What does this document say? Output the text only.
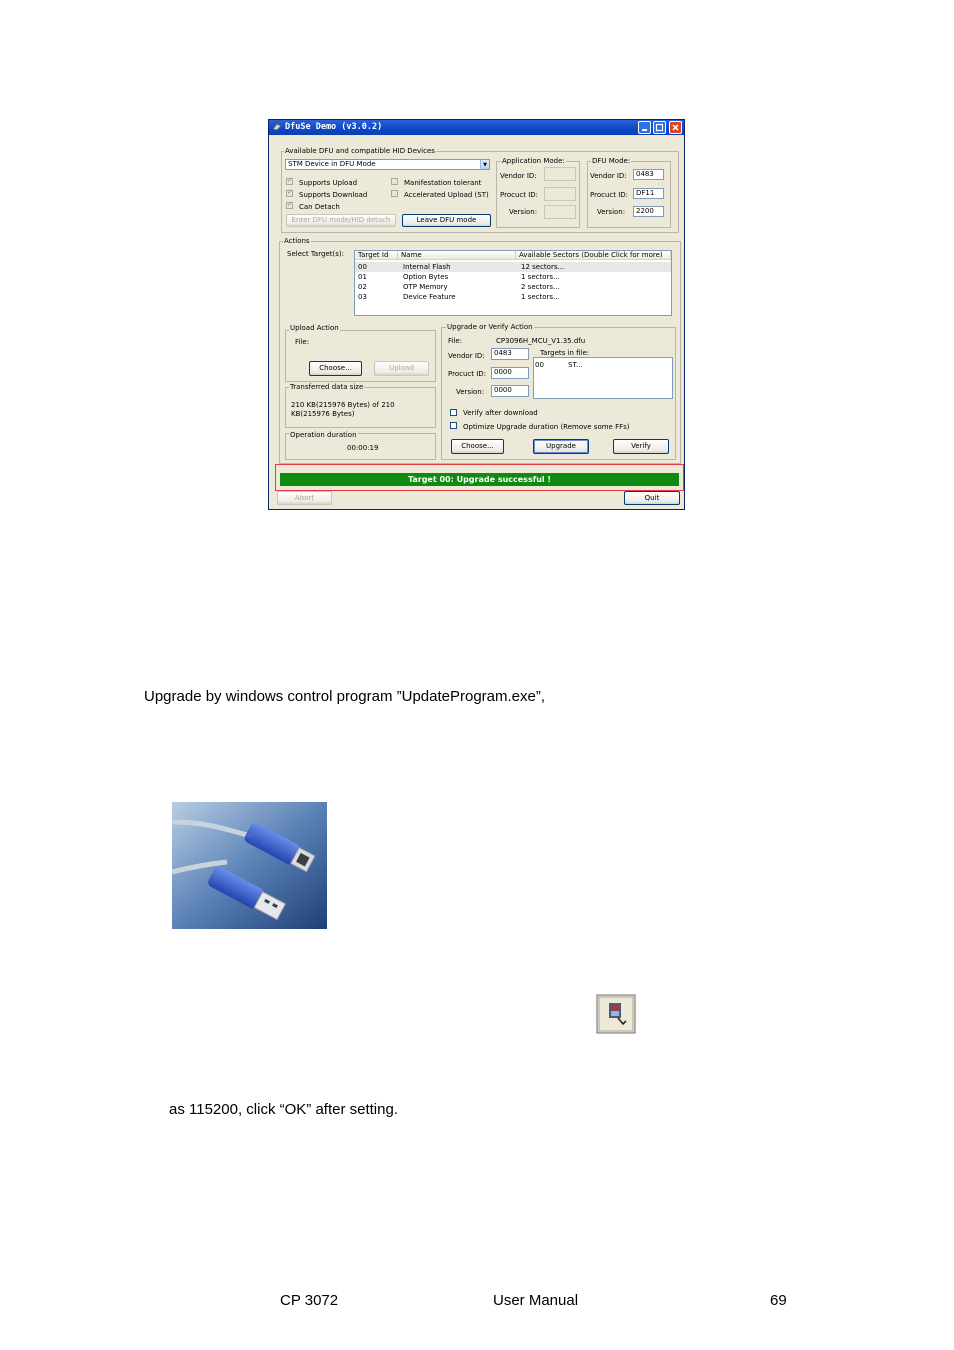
DfuSe Demo (v3.0.2)
Available DFU and compatible HID Devices
STM Device in DFU Mode	▼
✓
Supports Upload
✓
Supports Download
✓
Can Detach
Manifestation tolerant
Accelerated Upload (ST)
Enter DFU mode/HID detach	Leave DFU mode
Application Mode:
Vendor ID:
Procuct ID:
Version:
DFU Mode:
Vendor ID:	0483
Procuct ID:	DF11
Version:	2200
Actions
Select Target(s):	Target Id	Name	Available Sectors (Double Click for more)
00	Internal Flash	12 sectors...
01	Option Bytes	1 sectors...
02	OTP Memory	2 sectors...
03	Device Feature	1 sectors...
Upload Action
File:
Choose...	Upload
Transferred data size
210 KB(215976 Bytes) of 210 KB(215976 Bytes)
Operation duration
00:00:19
Upgrade or Verify Action
File:	CP3096H_MCU_V1.35.dfu
Vendor ID:	0483
Procuct ID:	0000
Version:	0000
Targets in file:
00	ST...
Verify after download
Optimize Upgrade duration (Remove some FFs)
Choose...	Upgrade	Verify
Target 00: Upgrade successful !
Abort	Quit
Upgrade by windows control program ”UpdateProgram.exe”,
as 115200, click “OK” after setting.
CP 3072	User Manual	69
